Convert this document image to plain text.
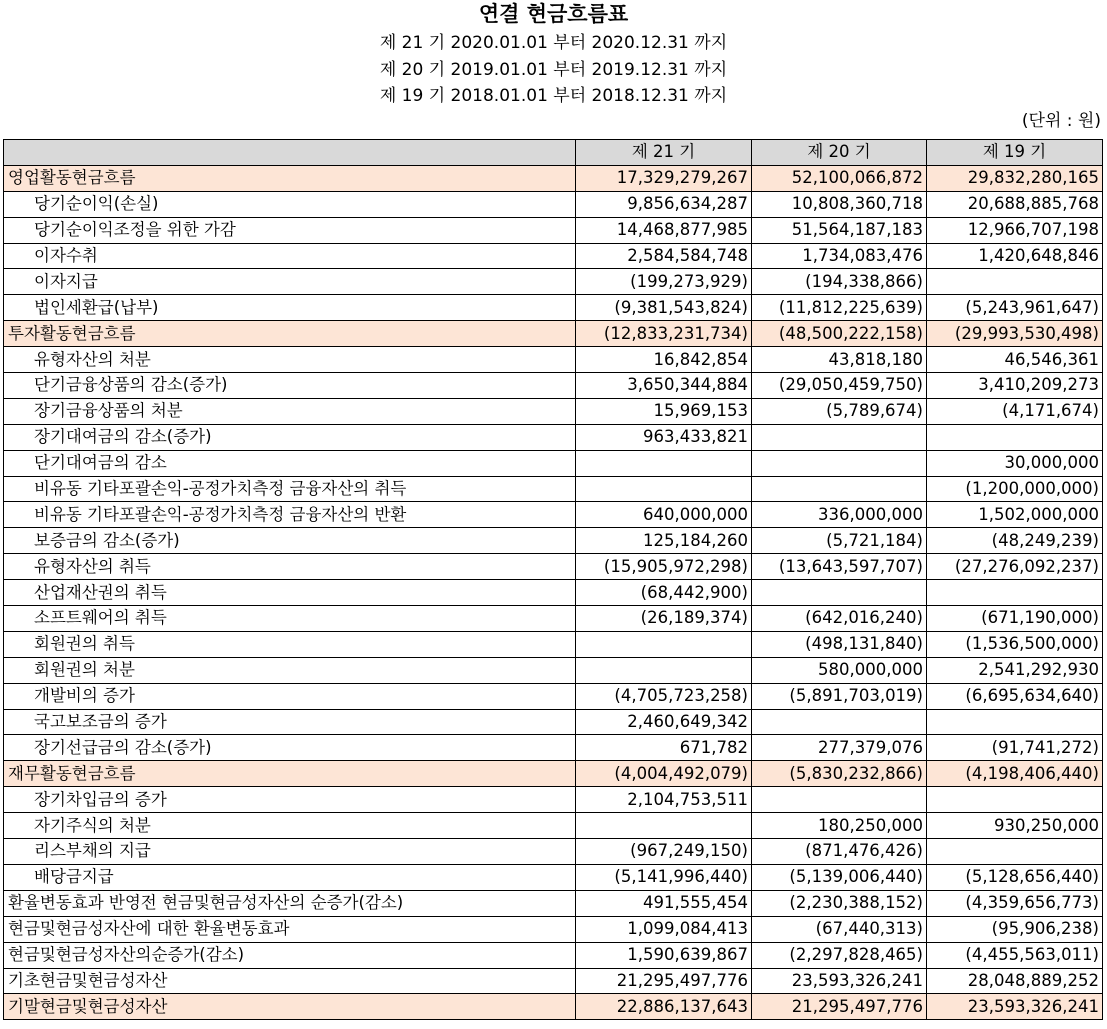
연결 현금흐름표
제 21 기 2020.01.01 부터 2020.12.31 까지
제 20 기 2019.01.01 부터 2019.12.31 까지
제 19 기 2018.01.01 부터 2018.12.31 까지
(단위 : 원)
	제 21 기	제 20 기	제 19 기
영업활동현금흐름	17,329,279,267	52,100,066,872	29,832,280,165
당기순이익(손실)	9,856,634,287	10,808,360,718	20,688,885,768
당기순이익조정을 위한 가감	14,468,877,985	51,564,187,183	12,966,707,198
이자수취	2,584,584,748	1,734,083,476	1,420,648,846
이자지급	(199,273,929)	(194,338,866)	
법인세환급(납부)	(9,381,543,824)	(11,812,225,639)	(5,243,961,647)
투자활동현금흐름	(12,833,231,734)	(48,500,222,158)	(29,993,530,498)
유형자산의 처분	16,842,854	43,818,180	46,546,361
단기금융상품의 감소(증가)	3,650,344,884	(29,050,459,750)	3,410,209,273
장기금융상품의 처분	15,969,153	(5,789,674)	(4,171,674)
장기대여금의 감소(증가)	963,433,821		
단기대여금의 감소			30,000,000
비유동 기타포괄손익-공정가치측정 금융자산의 취득			(1,200,000,000)
비유동 기타포괄손익-공정가치측정 금융자산의 반환	640,000,000	336,000,000	1,502,000,000
보증금의 감소(증가)	125,184,260	(5,721,184)	(48,249,239)
유형자산의 취득	(15,905,972,298)	(13,643,597,707)	(27,276,092,237)
산업재산권의 취득	(68,442,900)		
소프트웨어의 취득	(26,189,374)	(642,016,240)	(671,190,000)
회원권의 취득		(498,131,840)	(1,536,500,000)
회원권의 처분		580,000,000	2,541,292,930
개발비의 증가	(4,705,723,258)	(5,891,703,019)	(6,695,634,640)
국고보조금의 증가	2,460,649,342		
장기선급금의 감소(증가)	671,782	277,379,076	(91,741,272)
재무활동현금흐름	(4,004,492,079)	(5,830,232,866)	(4,198,406,440)
장기차입금의 증가	2,104,753,511		
자기주식의 처분		180,250,000	930,250,000
리스부채의 지급	(967,249,150)	(871,476,426)	
배당금지급	(5,141,996,440)	(5,139,006,440)	(5,128,656,440)
환율변동효과 반영전 현금및현금성자산의 순증가(감소)	491,555,454	(2,230,388,152)	(4,359,656,773)
현금및현금성자산에 대한 환율변동효과	1,099,084,413	(67,440,313)	(95,906,238)
현금및현금성자산의순증가(감소)	1,590,639,867	(2,297,828,465)	(4,455,563,011)
기초현금및현금성자산	21,295,497,776	23,593,326,241	28,048,889,252
기말현금및현금성자산	22,886,137,643	21,295,497,776	23,593,326,241
